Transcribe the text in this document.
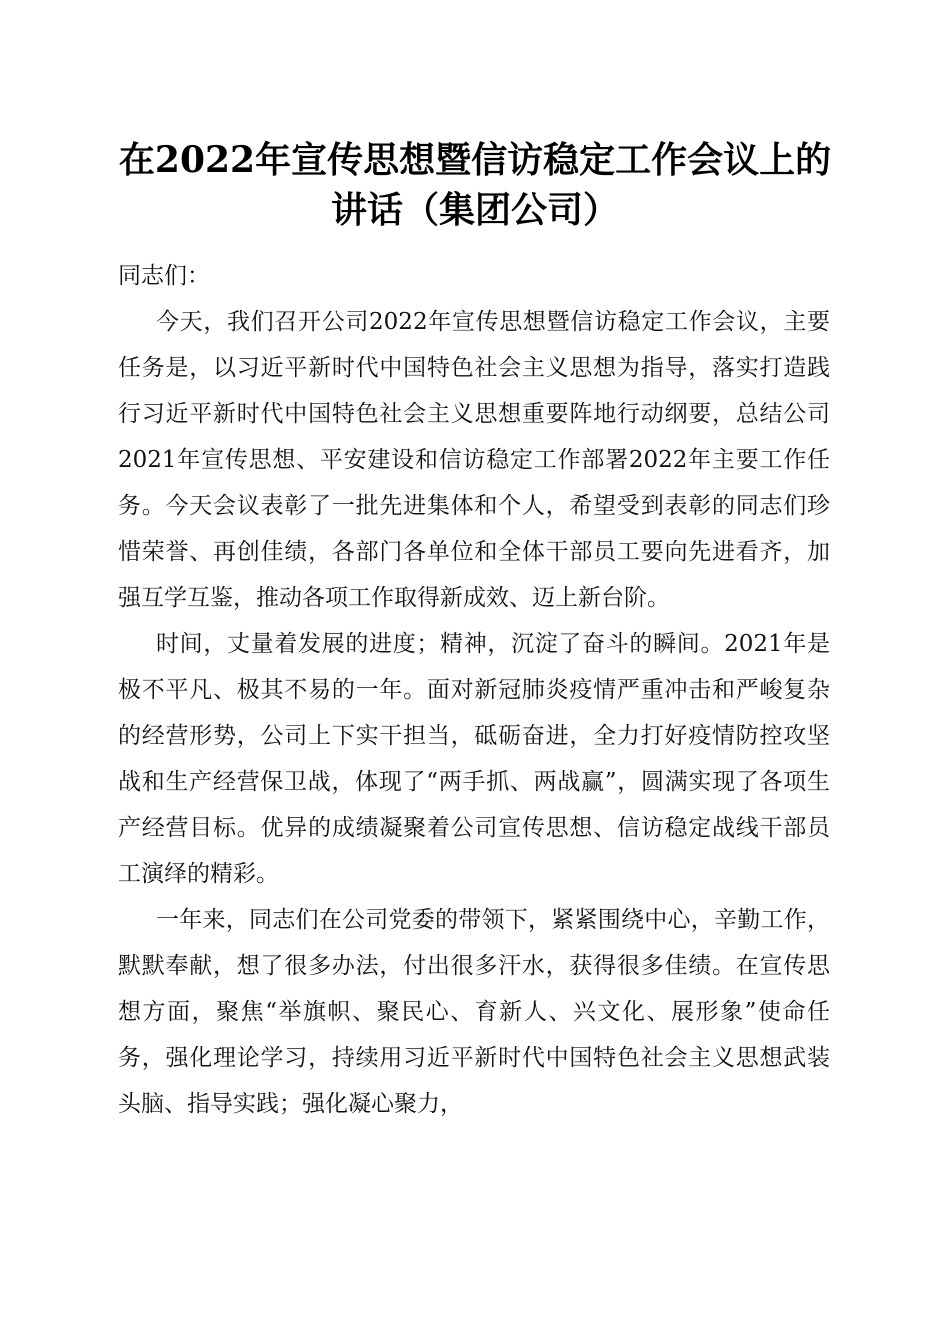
在2022年宣传思想暨信访稳定工作会议上的
讲话（集团公司）

同志们：

今天，我们召开公司2022年宣传思想暨信访稳定工作会议，主要任务是，以习近平新时代中国特色社会主义思想为指导，落实打造践行习近平新时代中国特色社会主义思想重要阵地行动纲要，总结公司2021年宣传思想、平安建设和信访稳定工作部署2022年主要工作任务。今天会议表彰了一批先进集体和个人，希望受到表彰的同志们珍惜荣誉、再创佳绩，各部门各单位和全体干部员工要向先进看齐，加强互学互鉴，推动各项工作取得新成效、迈上新台阶。

时间，丈量着发展的进度；精神，沉淀了奋斗的瞬间。2021年是极不平凡、极其不易的一年。面对新冠肺炎疫情严重冲击和严峻复杂的经营形势，公司上下实干担当，砥砺奋进，全力打好疫情防控攻坚战和生产经营保卫战，体现了“两手抓、两战赢”，圆满实现了各项生产经营目标。优异的成绩凝聚着公司宣传思想、信访稳定战线干部员工演绎的精彩。

一年来，同志们在公司党委的带领下，紧紧围绕中心，辛勤工作，默默奉献，想了很多办法，付出很多汗水，获得很多佳绩。在宣传思想方面，聚焦“举旗帜、聚民心、育新人、兴文化、展形象”使命任务，强化理论学习，持续用习近平新时代中国特色社会主义思想武装头脑、指导实践；强化凝心聚力，
